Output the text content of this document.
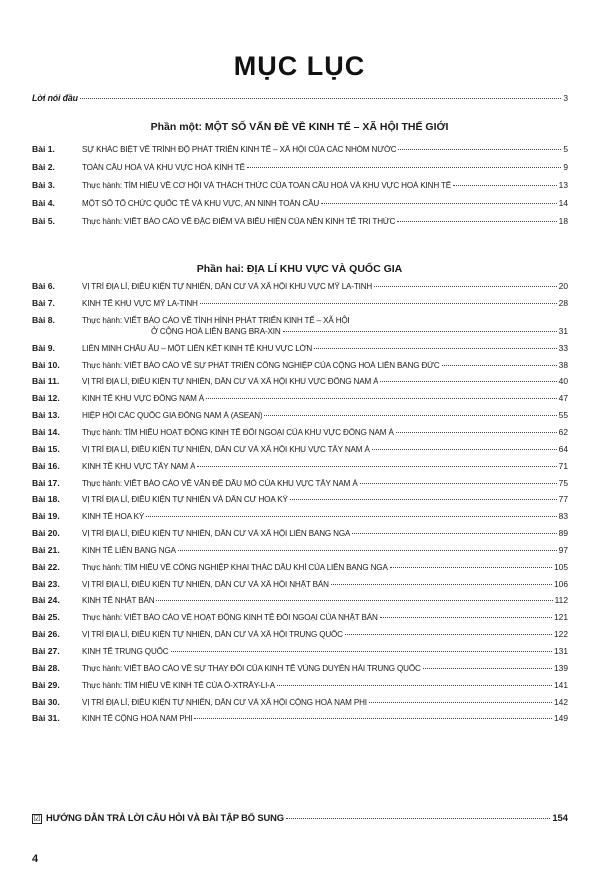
MỤC LỤC
Lời nói đầu	3
Phần một: MỘT SỐ VẤN ĐỀ VỀ KINH TẾ – XÃ HỘI THẾ GIỚI
Bài 1.	SỰ KHÁC BIỆT VỀ TRÌNH ĐỘ PHÁT TRIỂN KINH TẾ – XÃ HỘI CỦA CÁC NHÓM NƯỚC	5
Bài 2.	TOÀN CẦU HOÁ VÀ KHU VỰC HOÁ KINH TẾ	9
Bài 3.	Thực hành: TÌM HIỂU VỀ CƠ HỘI VÀ THÁCH THỨC CỦA TOÀN CẦU HOÁ VÀ KHU VỰC HOÁ KINH TẾ	13
Bài 4.	MỘT SỐ TỔ CHỨC QUỐC TẾ VÀ KHU VỰC, AN NINH TOÀN CẦU	14
Bài 5.	Thực hành: VIẾT BÁO CÁO VỀ ĐẶC ĐIỂM VÀ BIỂU HIỆN CỦA NỀN KINH TẾ TRI THỨC	18
Phần hai: ĐỊA LÍ KHU VỰC VÀ QUỐC GIA
Bài 6.	VỊ TRÍ ĐỊA LÍ, ĐIỀU KIỆN TỰ NHIÊN, DÂN CƯ VÀ XÃ HỘI KHU VỰC MỸ LA-TINH	20
Bài 7.	KINH TẾ KHU VỰC MỸ LA-TINH	28
Bài 8.	Thực hành: VIẾT BÁO CÁO VỀ TÌNH HÌNH PHÁT TRIỂN KINH TẾ – XÃ HỘI
Ở CỘNG HOÀ LIÊN BANG BRA-XIN	31
Bài 9.	LIÊN MINH CHÂU ÂU – MỘT LIÊN KẾT KINH TẾ KHU VỰC LỚN	33
Bài 10.	Thực hành: VIẾT BÁO CÁO VỀ SỰ PHÁT TRIỂN CÔNG NGHIỆP CỦA CỘNG HOÀ LIÊN BANG ĐỨC	38
Bài 11.	VỊ TRÍ ĐỊA LÍ, ĐIỀU KIỆN TỰ NHIÊN, DÂN CƯ VÀ XÃ HỘI KHU VỰC ĐÔNG NAM Á	40
Bài 12.	KINH TẾ KHU VỰC ĐÔNG NAM Á	47
Bài 13.	HIỆP HỘI CÁC QUỐC GIA ĐÔNG NAM Á (ASEAN)	55
Bài 14.	Thực hành: TÌM HIỂU HOẠT ĐỘNG KINH TẾ ĐỐI NGOẠI CỦA KHU VỰC ĐÔNG NAM Á	62
Bài 15.	VỊ TRÍ ĐỊA LÍ, ĐIỀU KIỆN TỰ NHIÊN, DÂN CƯ VÀ XÃ HỘI KHU VỰC TÂY NAM Á	64
Bài 16.	KINH TẾ KHU VỰC TÂY NAM Á	71
Bài 17.	Thực hành: VIẾT BÁO CÁO VỀ VẤN ĐỀ DẦU MỎ CỦA KHU VỰC TÂY NAM Á	75
Bài 18.	VỊ TRÍ ĐỊA LÍ, ĐIỀU KIỆN TỰ NHIÊN VÀ DÂN CƯ HOA KỲ	77
Bài 19.	KINH TẾ HOA KỲ	83
Bài 20.	VỊ TRÍ ĐỊA LÍ, ĐIỀU KIỆN TỰ NHIÊN, DÂN CƯ VÀ XÃ HỘI LIÊN BANG NGA	89
Bài 21.	KINH TẾ LIÊN BANG NGA	97
Bài 22.	Thực hành: TÌM HIỂU VỀ CÔNG NGHIỆP KHAI THÁC DẦU KHÍ CỦA LIÊN BANG NGA	105
Bài 23.	VỊ TRÍ ĐỊA LÍ, ĐIỀU KIỆN TỰ NHIÊN, DÂN CƯ VÀ XÃ HỘI NHẬT BẢN	106
Bài 24.	KINH TẾ NHẬT BẢN	112
Bài 25.	Thực hành: VIẾT BÁO CÁO VỀ HOẠT ĐỘNG KINH TẾ ĐỐI NGOẠI CỦA NHẬT BẢN	121
Bài 26.	VỊ TRÍ ĐỊA LÍ, ĐIỀU KIỆN TỰ NHIÊN, DÂN CƯ VÀ XÃ HỘI TRUNG QUỐC	122
Bài 27.	KINH TẾ TRUNG QUỐC	131
Bài 28.	Thực hành: VIẾT BÁO CÁO VỀ SỰ THAY ĐỔI CỦA KINH TẾ VÙNG DUYÊN HẢI TRUNG QUỐC	139
Bài 29.	Thực hành: TÌM HIỂU VỀ KINH TẾ CỦA Ô-XTRÂY-LI-A	141
Bài 30.	VỊ TRÍ ĐỊA LÍ, ĐIỀU KIỆN TỰ NHIÊN, DÂN CƯ VÀ XÃ HỘI CỘNG HOÀ NAM PHI	142
Bài 31.	KINH TẾ CỘNG HOÀ NAM PHI	149
☑ HƯỚNG DẪN TRẢ LỜI CÂU HỎI VÀ BÀI TẬP BỔ SUNG	154
4
